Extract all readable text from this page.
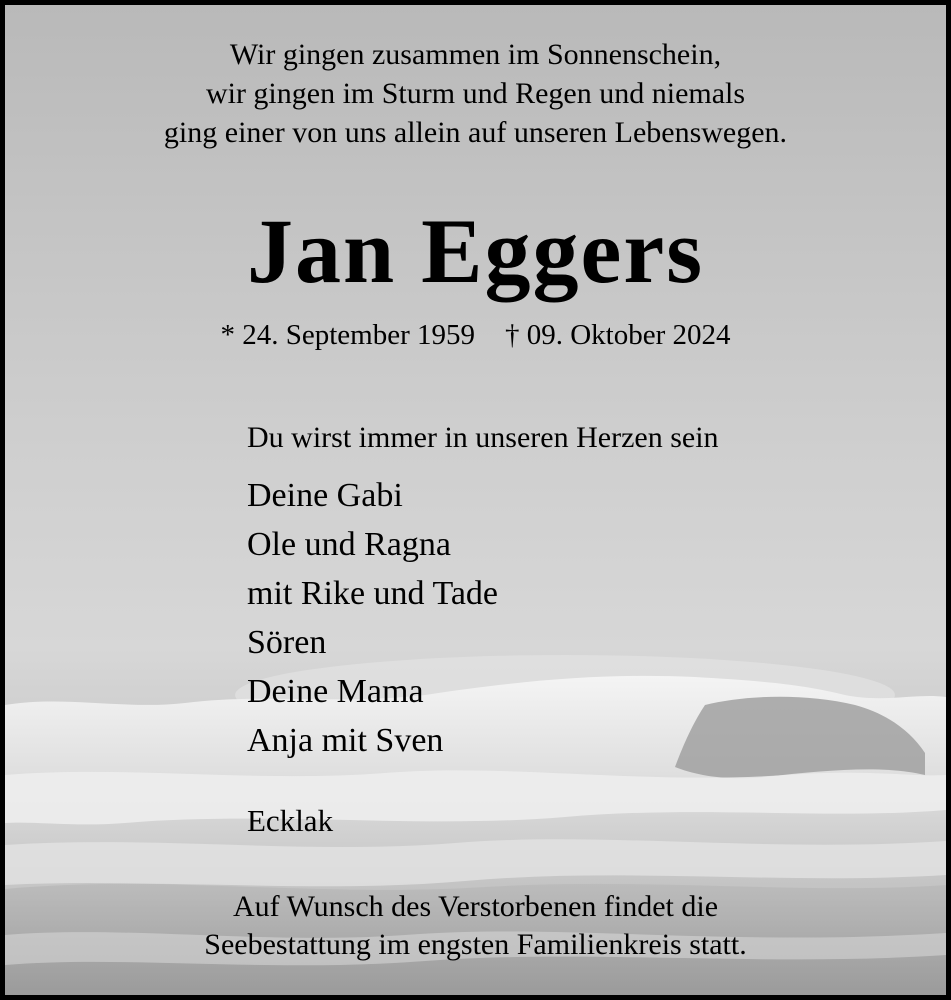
Wir gingen zusammen im Sonnenschein,
wir gingen im Sturm und Regen und niemals
ging einer von uns allein auf unseren Lebenswegen.
Jan Eggers
* 24. September 1959 † 09. Oktober 2024
Du wirst immer in unseren Herzen sein
Deine Gabi
Ole und Ragna
mit Rike und Tade
Sören
Deine Mama
Anja mit Sven
Ecklak
Auf Wunsch des Verstorbenen findet die
Seebestattung im engsten Familienkreis statt.
